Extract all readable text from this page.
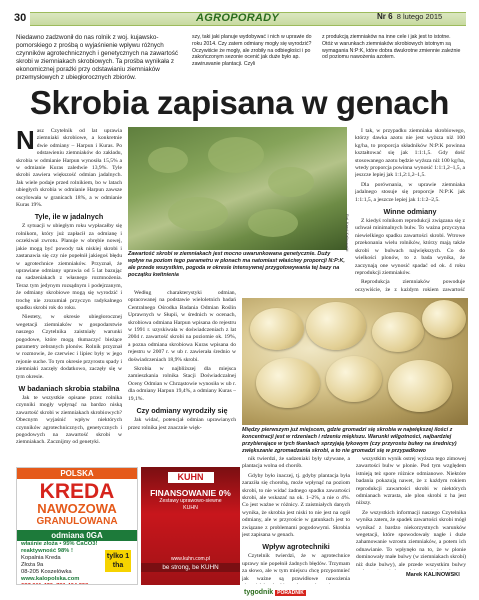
30	AGROPORADY	Nr 6 8 lutego 2015
Niedawno zadzwonił do nas rolnik z woj. kujawsko-pomorskiego z prośbą o wyjaśnienie wpływu różnych czynników agrotechnicznych i genetycznych na zawartość skrobi w ziemniakach skrobiowych. Ta prośba wynikała z ekonomicznej porażki przy odstawianiu ziemniaków przemysłowych z ubiegłorocznych zbiorów.
szy, taki jaki planuje wydobywać i nich w uprawie do roku 2014. Czy zatem odmiany mogły się wyrodzić? Oczywiście że mogły, ale zrobiły na odbiegłości i po zakończonym sezonie ocenić jak duże było ap. zawiruwanie plantacji. Czyli
z produkcją ziemniaków na inne cele i jak jest to istotne. Otóż w warunkach ziemniaków skrobiowych istotnym są wymagania N:P:K, które dobra dwukrotne zmiennie zależnie od poziomu nawożenia azotem.
Skrobia zapisana w genach

Nasz Czytelnik od lat uprawia ziemniaki skrobiowe, a konkretnie dwie odmiany – Harpun i Kuras. Po odstawieniu ziemniaków do zakładu, skrobia w odmianie Harpun wynosiła 15,5% a w odmianie Kuras zaledwie 13,9%. Tyle skrobi zawiera większość odmian jadalnych. Jak wiele podaje przed rolnikiem, bo w latach ubiegłych skrobia w odmianie Harpun zawsze oscylowała w granicach 18%, a w odmianie Kuras 19%.

Tyle, ile w jadalnych

Z sytuacji w ubiegłym roku wypłacałby się rolnikom, który już zapłacił za odmianę i oczekiwał zwrotu. Planuje w obrębie nowej, jakie mogą być powody tak niskiej skrobi i zastanawia się czy nie popełnił jakiegoś błędu w agrotechnice ziemniaków. Przyznał, że uprawiane odmiany uprawia od 5 lat bazując na sadzeniakach z własnego rozmnożenia. Teraz tym jedynym rozsądnym i podejrzanym, że odmiany skrobiowe mogą się wyrodzić i trochę nie zrozumiał przyczyn radykalnego spadku skrobi rok do roku.

Niestety, w okresie ubiegłorocznej wegetacji ziemniaków w gospodarstwie naszego Czytelnika zaistniały warunki pogodowe, które mogą tłumaczyć bieżące parametry zebranych plonów. Rolnik przyznał w rozmowie, że czerwiec i lipiec były w jego rejonie suche. To tym okresie przyrostu spady i ziemniaki zaczęły dodatkowo, zaczęły się w tym okresie.

W badaniach skrobia stabilna

Jak te wszystkie opisane przez rolnika czynniki mogły wpłynąć na bardzo niską zawartość skrobi w ziemniakach skrobiowych? Obecnym wyjaśnić wpływ niektórych czynników agrotechnicznych, genetycznych i pogodowych na zawartość skrobi w ziemniakach. Zacznijmy od genetyki.

Fot. Karol Kalinowski
Zawartość skrobi w ziemniakach jest mocno uwarunkowana genetycznie. Duży wpływ na poziom tego parametru w plonach ma natomiast właściwy proporcji N:P:K, ale przede wszystkim, pogoda w okresie intensywnej przygotowywania tej bazy na początku kwitnienia

Według charakterystyki odmian, opracowanej na podstawie wieloletnich badań Centralnego Ośrodka Badania Odmian Roślin Uprawnych w Słupii, w średnich w ocenach, skrobiowa odmiana Harpun wpisana do rejestru w 1991 r. uzyskiwała w doświadczeniach z lat 2004 r. zawartość skrobi na poziomie ok. 19%, a pozna odmiana skrobiowa Kuras wpisana do rejestru w 2007 r. w ub r. zawierała średnio w doświadczeniach 18,9% skrobi.

Skrobia w najbliższej dla miejsca zamieszkania rolnika Stacji Doświadczalnej Oceny Odmian w Chrząstowie wynosiła w ub r. dla odmiany Harpun 19,4%, a odmiany Kuras – 19,1%.

Czy odmiany wyrodziły się

Jak widać, potencjał odmian uprawianych przez rolnika jest znacznie więk-

I tak, w przypadku ziemniaka skrobiowego, którzy dawka azotu nie jest wyższa niż 100 kg/ha, to proporcja składników N:P:K powinna kształtować się jak 1:1:1,5. Gdy dość stosowanego azotu będzie wyższa niż 100 kg/ha, wtedy proporcja powinna wynosić 1:1:1,2–1,5, a jeszcze lepiej jak 1:1,2:1,2–1,5.

Dla porównania, w uprawie ziemniaka jadalnego stosuje się proporcje N:P:K jak 1:1:1,5, a jeszcze lepiej jak 1:1:2–2,5.

Winne odmiany

Z kiedyś rolnikom reprodukcji związana się z uchwał minimalnych bulw. To ważna przyczyna niewielkiego spadku zawartości skrobi. Wtrowe przekonania wielu rolników, którzy mają także skrobi w bulwach największych. Co do wielkości plonów, to z bada wynika, że zaczynają one wynosić spadać od ok. 4 roku reprodukcji ziemniaków.

Reprodukcja ziemniaków powoduje oczywiście, że z każdym rokiem zawartość

Między pierwszym już miejscem, gdzie gromadzi się skrobia w największej ilości z koncentracji jest w rdzeniach i rdzeniu miękiszu. Warunki wilgotności, najbardziej przybierające w tych tkankach sprzyjają łykowym (czy przyrostu bulwy na średnicy) zwiększanie zgromadzania skrobi, a to nie gromadzi się w przypadkowo

nik twierdzi, że sadzeniaki były używane, a plantacja wolna od chorób.

Gdyby było inaczej, tj. gdyby plantacja była zaraziła się chorobą, może wpłynąć na poziom skrobi, to nie widać żadnego spadku zawartości skrobi, ale wskazać na ok. 1–2%, a nie o 4%. Co jest ważne w różnicy. Z zaistniałych danych wynika, że skrobia jest niski to nie jest na ogół odmiany, ale w przyroście w gatunkach jest to związane z problemami pogodowymi. Skrobia jest zapisana w genach.

Wpływ agrotechniki

Czytelnik twierdzi, że w agrotechnice uprawy nie popełnił żadnych błędów. Trzymam za słowo, ale w tym miejscu chcę przypomnieć jak ważne są prawidłowe nawożenia

wszystkim wynik ostrej wyższa tego zimowej zawartości bulw w plonie. Pod tym względem istnieją też spore różnice odmianowe. Niektóre badania pokazują nawet, że z każdym rokiem reprodukcji zawartości skrobi w niektórych odmianach wzrasta, ale plon skrobi z ha jest niższy.

Ze wszystkich informacji naszego Czytelnika wynika zatem, że spadek zawartości skrobi mógł wynikać z bardzo niekorzystnych warunków wegetacji, które spowodowały nagłe i duże zahamowanie wzrostu ziemniaków, a potem ich odnawianie. To wpłynęło na to, że w plonie dominowały małe bulwy (w ziemniakach skrobi) niż duże bulwy), ale przede wszystkim bulwy

Marek KALINOWSKI
POLSKA
KREDA
NAWOZOWA
GRANULOWANA
odmiana 0GA
właśnie złoża • 95% CaCO3!
reaktywność 98% !
Kopalnia Kreda
Złoża 9a
08-205 Koszelówka
www.kalopolska.com
tylko 1 tha
KUHN
FINANSOWANIE 0%
Zestawy uprawowo-siewne
KUHN
www.kuhn.com.pl
be strong, be KUHN
tygodnik PORADNIK
